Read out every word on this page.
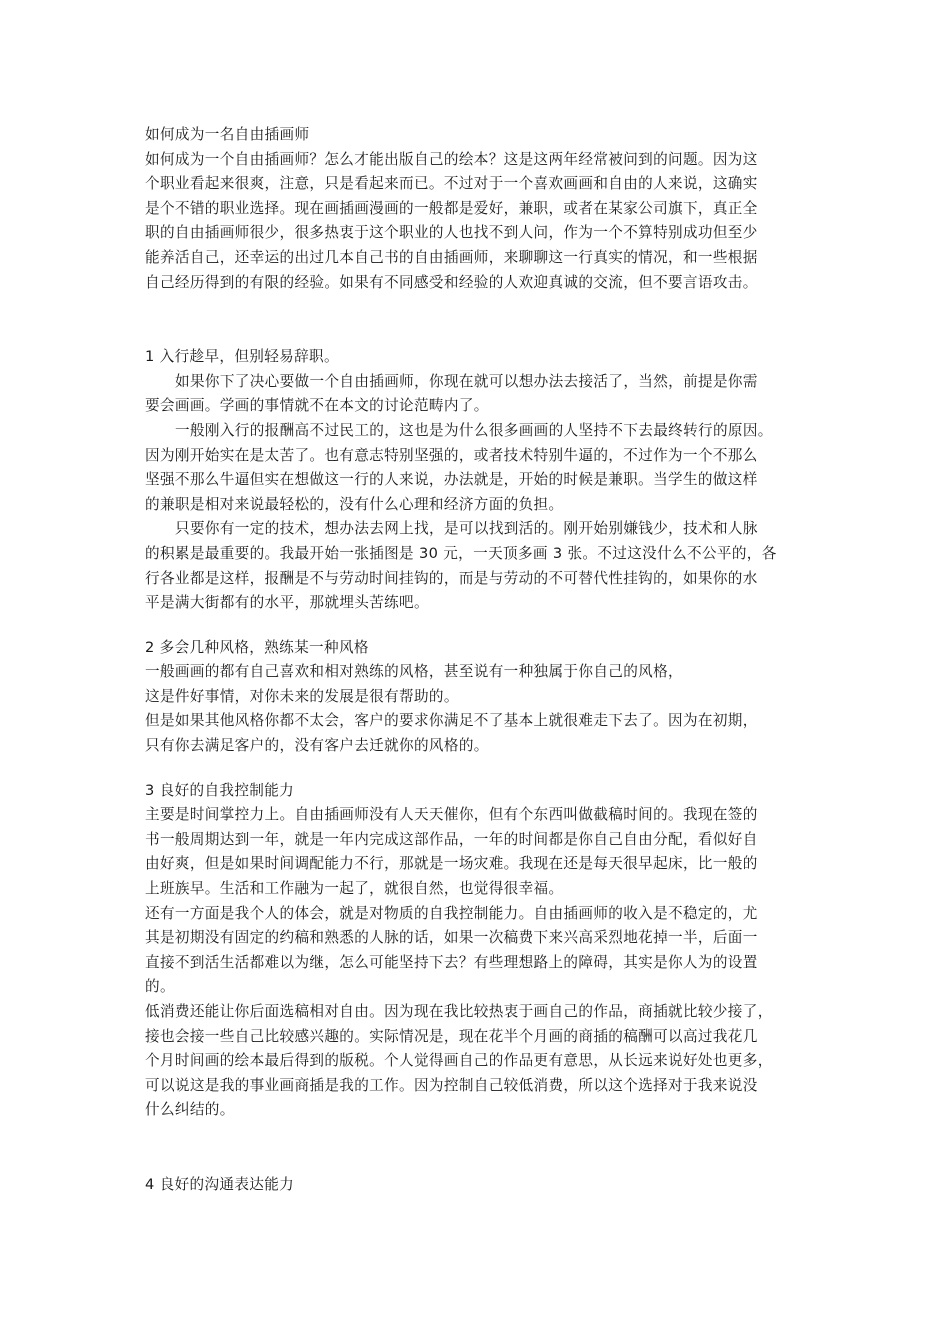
如何成为一名自由插画师
如何成为一个自由插画师？怎么才能出版自己的绘本？这是这两年经常被问到的问题。因为这
个职业看起来很爽，注意，只是看起来而已。不过对于一个喜欢画画和自由的人来说，这确实
是个不错的职业选择。现在画插画漫画的一般都是爱好，兼职，或者在某家公司旗下，真正全
职的自由插画师很少，很多热衷于这个职业的人也找不到人问，作为一个不算特别成功但至少
能养活自己，还幸运的出过几本自己书的自由插画师，来聊聊这一行真实的情况，和一些根据
自己经历得到的有限的经验。如果有不同感受和经验的人欢迎真诚的交流，但不要言语攻击。
1 入行趁早，但别轻易辞职。
如果你下了决心要做一个自由插画师，你现在就可以想办法去接活了，当然，前提是你需
要会画画。学画的事情就不在本文的讨论范畴内了。
一般刚入行的报酬高不过民工的，这也是为什么很多画画的人坚持不下去最终转行的原因。
因为刚开始实在是太苦了。也有意志特别坚强的，或者技术特别牛逼的，不过作为一个不那么
坚强不那么牛逼但实在想做这一行的人来说，办法就是，开始的时候是兼职。当学生的做这样
的兼职是相对来说最轻松的，没有什么心理和经济方面的负担。
只要你有一定的技术，想办法去网上找，是可以找到活的。刚开始别嫌钱少，技术和人脉
的积累是最重要的。我最开始一张插图是 30 元，一天顶多画 3 张。不过这没什么不公平的，各
行各业都是这样，报酬是不与劳动时间挂钩的，而是与劳动的不可替代性挂钩的，如果你的水
平是满大街都有的水平，那就埋头苦练吧。
2 多会几种风格，熟练某一种风格
一般画画的都有自己喜欢和相对熟练的风格，甚至说有一种独属于你自己的风格，
这是件好事情，对你未来的发展是很有帮助的。
但是如果其他风格你都不太会，客户的要求你满足不了基本上就很难走下去了。因为在初期，
只有你去满足客户的，没有客户去迁就你的风格的。
3 良好的自我控制能力
主要是时间掌控力上。自由插画师没有人天天催你，但有个东西叫做截稿时间的。我现在签的
书一般周期达到一年，就是一年内完成这部作品，一年的时间都是你自己自由分配，看似好自
由好爽，但是如果时间调配能力不行，那就是一场灾难。我现在还是每天很早起床，比一般的
上班族早。生活和工作融为一起了，就很自然，也觉得很幸福。
还有一方面是我个人的体会，就是对物质的自我控制能力。自由插画师的收入是不稳定的，尤
其是初期没有固定的约稿和熟悉的人脉的话，如果一次稿费下来兴高采烈地花掉一半，后面一
直接不到活生活都难以为继，怎么可能坚持下去？有些理想路上的障碍，其实是你人为的设置
的。
低消费还能让你后面选稿相对自由。因为现在我比较热衷于画自己的作品，商插就比较少接了，
接也会接一些自己比较感兴趣的。实际情况是，现在花半个月画的商插的稿酬可以高过我花几
个月时间画的绘本最后得到的版税。个人觉得画自己的作品更有意思，从长远来说好处也更多，
可以说这是我的事业画商插是我的工作。因为控制自己较低消费，所以这个选择对于我来说没
什么纠结的。
4 良好的沟通表达能力
